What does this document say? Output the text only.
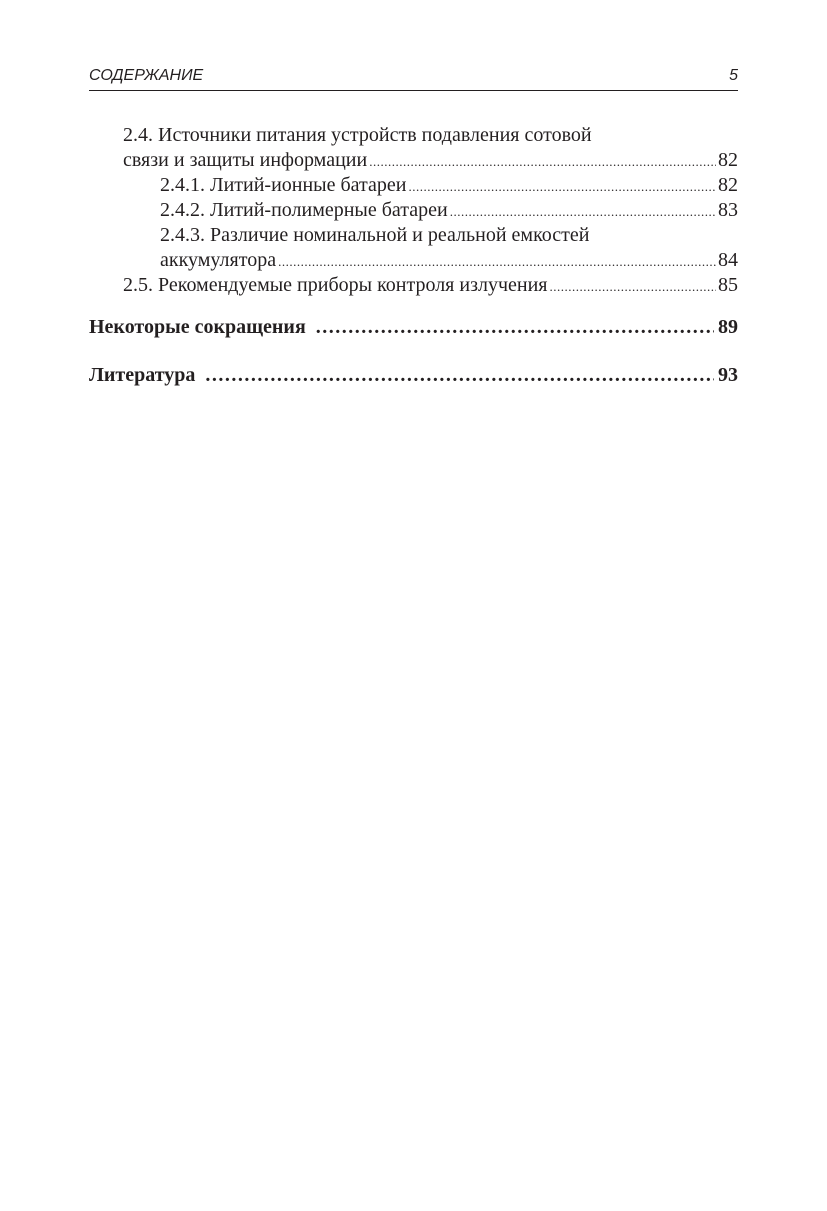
СОДЕРЖАНИЕ	5
2.4. Источники питания устройств подавления сотовой
связи и защиты информации .....	82
2.4.1. Литий-ионные батареи .....	82
2.4.2. Литий-полимерные батареи .....	83
2.4.3. Различие номинальной и реальной емкостей
аккумулятора .....	84
2.5. Рекомендуемые приборы контроля излучения .....	85
Некоторые сокращения .....	89
Литература .....	93
